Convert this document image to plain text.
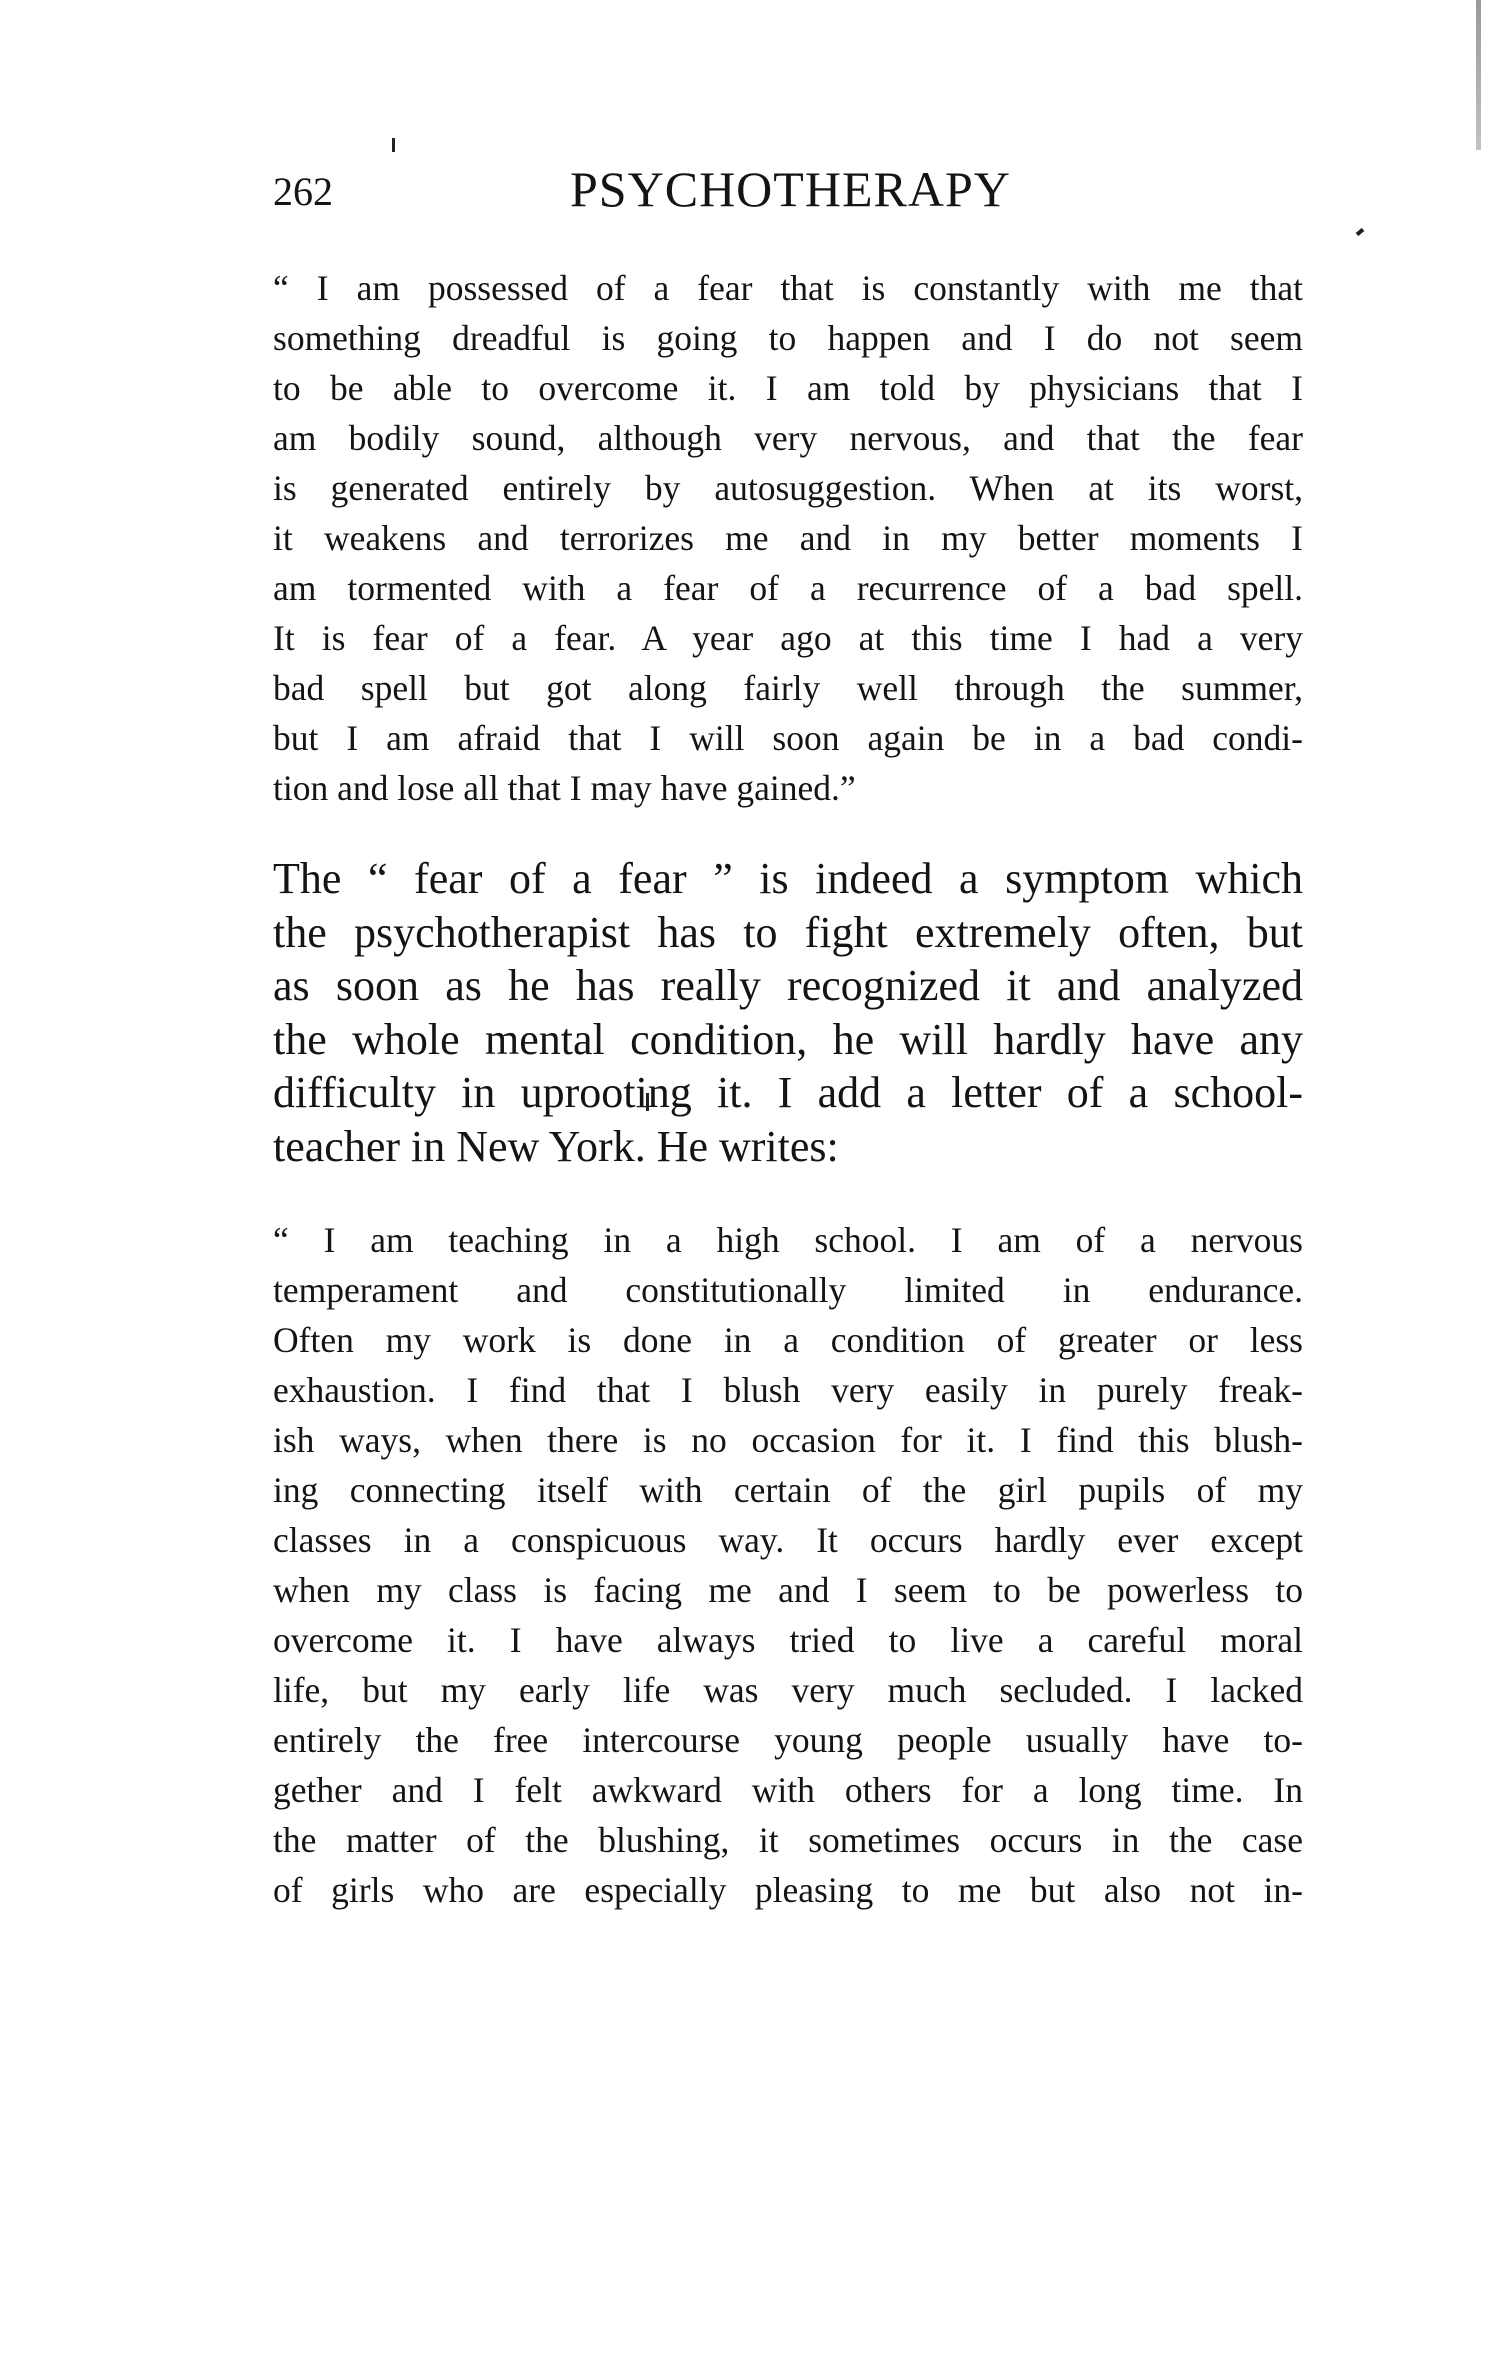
262	PSYCHOTHERAPY
“ I am possessed of a fear that is constantly with me that
something dreadful is going to happen and I do not seem
to be able to overcome it. I am told by physicians that I
am bodily sound, although very nervous, and that the fear
is generated entirely by autosuggestion. When at its worst,
it weakens and terrorizes me and in my better moments I
am tormented with a fear of a recurrence of a bad spell.
It is fear of a fear. A year ago at this time I had a very
bad spell but got along fairly well through the summer,
but I am afraid that I will soon again be in a bad condi-
tion and lose all that I may have gained.”
The “ fear of a fear ” is indeed a symptom which
the psychotherapist has to fight extremely often, but
as soon as he has really recognized it and analyzed
the whole mental condition, he will hardly have any
difficulty in uprooting it. I add a letter of a school-
teacher in New York. He writes:
“ I am teaching in a high school. I am of a nervous
temperament and constitutionally limited in endurance.
Often my work is done in a condition of greater or less
exhaustion. I find that I blush very easily in purely freak-
ish ways, when there is no occasion for it. I find this blush-
ing connecting itself with certain of the girl pupils of my
classes in a conspicuous way. It occurs hardly ever except
when my class is facing me and I seem to be powerless to
overcome it. I have always tried to live a careful moral
life, but my early life was very much secluded. I lacked
entirely the free intercourse young people usually have to-
gether and I felt awkward with others for a long time. In
the matter of the blushing, it sometimes occurs in the case
of girls who are especially pleasing to me but also not in-
